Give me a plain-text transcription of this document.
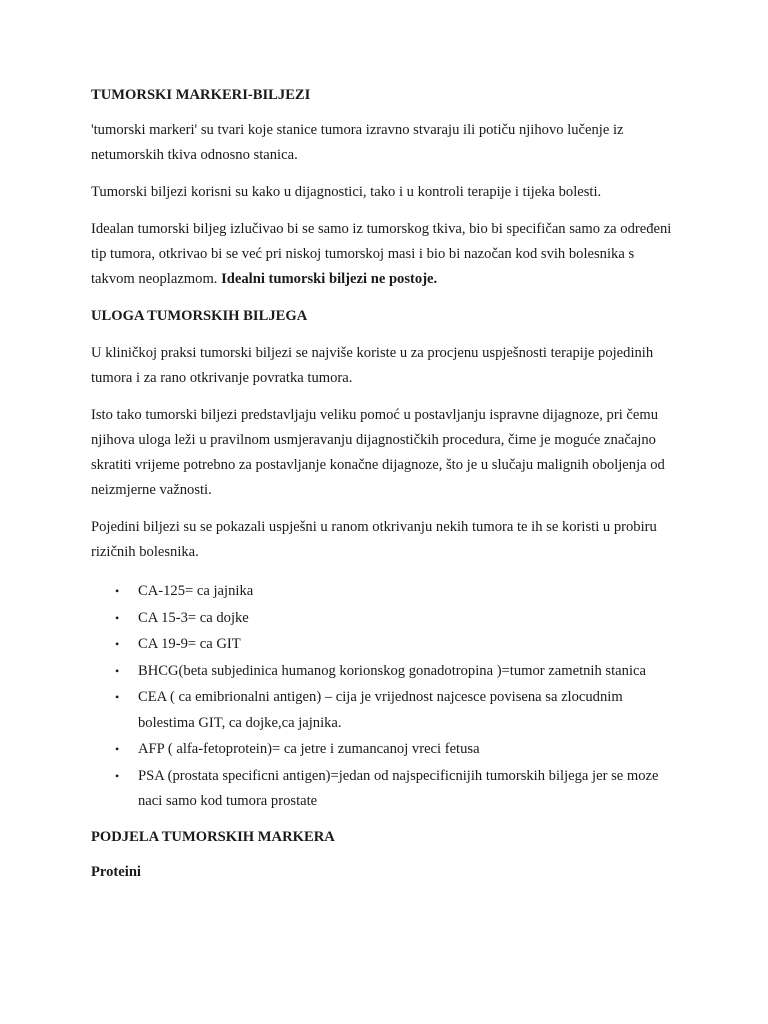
TUMORSKI MARKERI-BILJEZI

'tumorski markeri' su tvari koje stanice tumora izravno stvaraju ili potiču njihovo lučenje iz netumorskih tkiva odnosno stanica.

Tumorski biljezi korisni su kako u dijagnostici, tako i u kontroli terapije i tijeka bolesti.

Idealan tumorski biljeg izlučivao bi se samo iz tumorskog tkiva, bio bi specifičan samo za određeni tip tumora, otkrivao bi se već pri niskoj tumorskoj masi i bio bi nazočan kod svih bolesnika s takvom neoplazmom. Idealni tumorski biljezi ne postoje.

ULOGA TUMORSKIH BILJEGA

U kliničkoj praksi tumorski biljezi se najviše koriste u za procjenu uspješnosti terapije pojedinih tumora i za rano otkrivanje povratka tumora.

Isto tako tumorski biljezi predstavljaju veliku pomoć u postavljanju ispravne dijagnoze, pri čemu njihova uloga leži u pravilnom usmjeravanju dijagnostičkih procedura, čime je moguće značajno skratiti vrijeme potrebno za postavljanje konačne dijagnoze, što je u slučaju malignih oboljenja od neizmjerne važnosti.

Pojedini biljezi su se pokazali uspješni u ranom otkrivanju nekih tumora te ih se koristi u probiru rizičnih bolesnika.

• CA-125= ca jajnika
• CA 15-3= ca dojke
• CA 19-9= ca GIT
• BHCG(beta subjedinica humanog korionskog gonadotropina )=tumor zametnih stanica
• CEA ( ca emibrionalni antigen) – cija je vrijednost najcesce povisena sa zlocudnim bolestima GIT, ca dojke,ca jajnika.
• AFP ( alfa-fetoprotein)= ca jetre i zumancanoj vreci fetusa
• PSA (prostata specificni antigen)=jedan od najspecificnijih tumorskih biljega jer se moze naci samo kod tumora prostate
PODJELA TUMORSKIH MARKERA
Proteini
